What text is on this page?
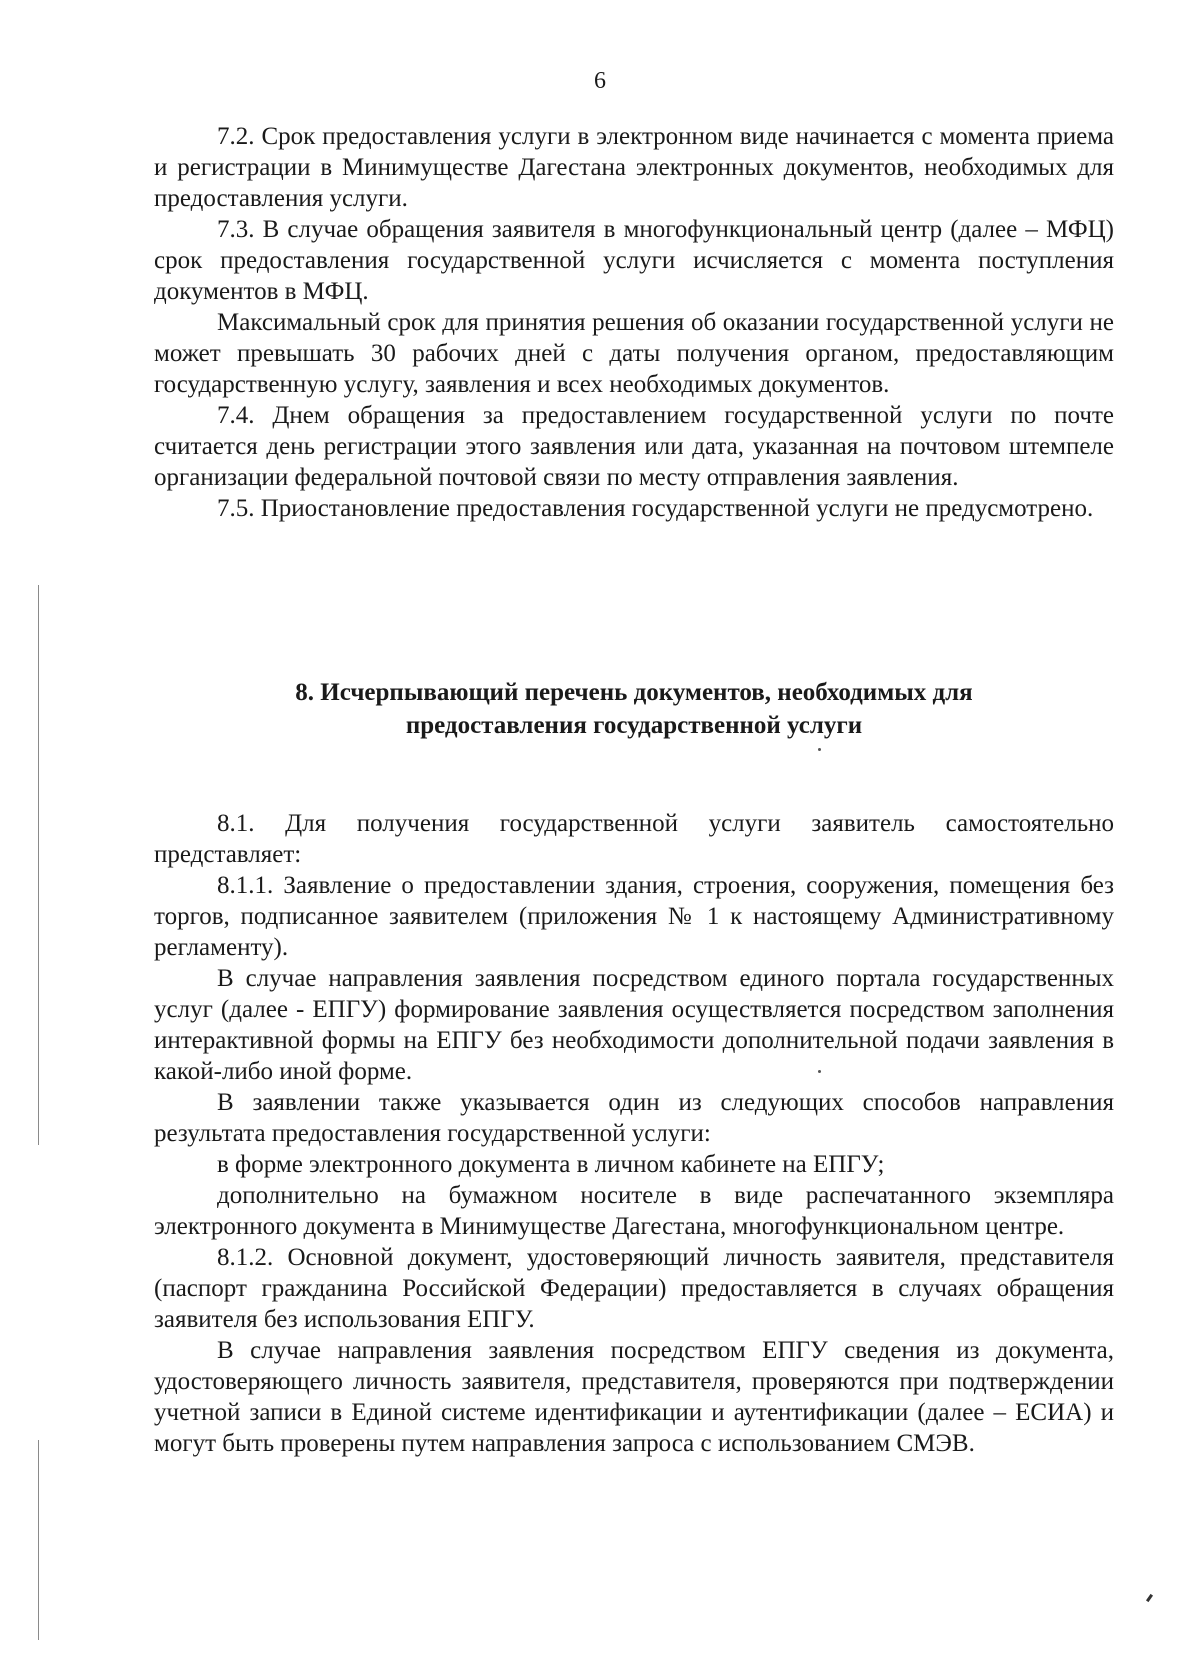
6

7.2. Срок предоставления услуги в электронном виде начинается с момента приема и регистрации в Минимуществе Дагестана электронных документов, необходимых для предоставления услуги.

7.3. В случае обращения заявителя в многофункциональный центр (далее – МФЦ) срок предоставления государственной услуги исчисляется с момента поступления документов в МФЦ.

Максимальный срок для принятия решения об оказании государственной услуги не может превышать 30 рабочих дней с даты получения органом, предоставляющим государственную услугу, заявления и всех необходимых документов.

7.4. Днем обращения за предоставлением государственной услуги по почте считается день регистрации этого заявления или дата, указанная на почтовом штемпеле организации федеральной почтовой связи по месту отправления заявления.

7.5. Приостановление предоставления государственной услуги не предусмотрено.

8. Исчерпывающий перечень документов, необходимых для
предоставления государственной услуги

8.1. Для получения государственной услуги заявитель самостоятельно представляет:

8.1.1. Заявление о предоставлении здания, строения, сооружения, помещения без торгов, подписанное заявителем (приложения № 1 к настоящему Административному регламенту).

В случае направления заявления посредством единого портала государственных услуг (далее - ЕПГУ) формирование заявления осуществляется посредством заполнения интерактивной формы на ЕПГУ без необходимости дополнительной подачи заявления в какой-либо иной форме.

В заявлении также указывается один из следующих способов направления результата предоставления государственной услуги:

в форме электронного документа в личном кабинете на ЕПГУ;

дополнительно на бумажном носителе в виде распечатанного экземпляра электронного документа в Минимуществе Дагестана, многофункциональном центре.

8.1.2. Основной документ, удостоверяющий личность заявителя, представителя (паспорт гражданина Российской Федерации) предоставляется в случаях обращения заявителя без использования ЕПГУ.

В случае направления заявления посредством ЕПГУ сведения из документа, удостоверяющего личность заявителя, представителя, проверяются при подтверждении учетной записи в Единой системе идентификации и аутентификации (далее – ЕСИА) и могут быть проверены путем направления запроса с использованием СМЭВ.
